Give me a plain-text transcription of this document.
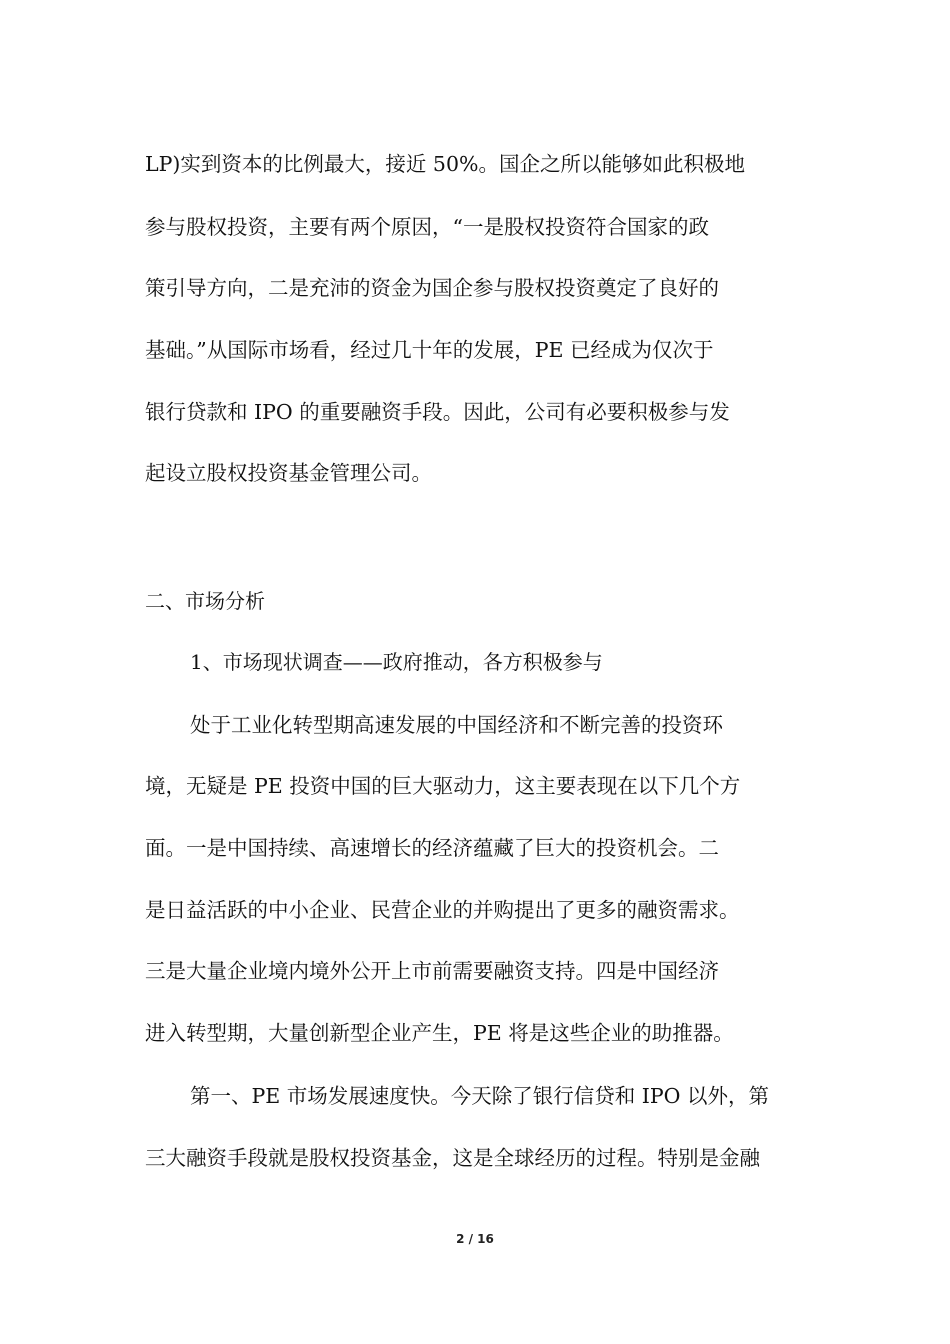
LP)实到资本的比例最大，接近 50%。国企之所以能够如此积极地
参与股权投资，主要有两个原因，“一是股权投资符合国家的政
策引导方向，二是充沛的资金为国企参与股权投资奠定了良好的
基础。”从国际市场看，经过几十年的发展，PE 已经成为仅次于
银行贷款和 IPO 的重要融资手段。因此，公司有必要积极参与发
起设立股权投资基金管理公司。
二、市场分析
1、市场现状调查——政府推动，各方积极参与
处于工业化转型期高速发展的中国经济和不断完善的投资环
境，无疑是 PE 投资中国的巨大驱动力，这主要表现在以下几个方
面。一是中国持续、高速增长的经济蕴藏了巨大的投资机会。二
是日益活跃的中小企业、民营企业的并购提出了更多的融资需求。
三是大量企业境内境外公开上市前需要融资支持。四是中国经济
进入转型期，大量创新型企业产生，PE 将是这些企业的助推器。
第一、PE 市场发展速度快。今天除了银行信贷和 IPO 以外，第
三大融资手段就是股权投资基金，这是全球经历的过程。特别是金融
2 / 16
